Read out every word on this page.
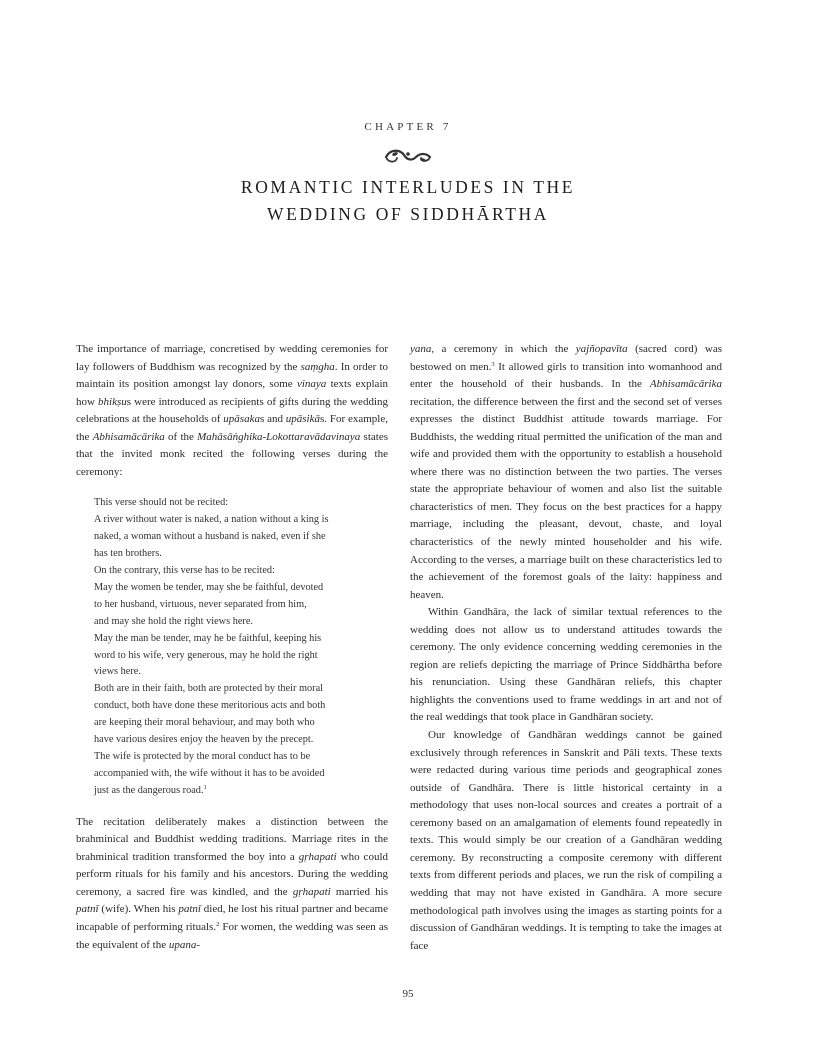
CHAPTER 7
ROMANTIC INTERLUDES IN THE
WEDDING OF SIDDHĀRTHA

The importance of marriage, concretised by wedding ceremonies for lay followers of Buddhism was recognized by the saṃgha. In order to maintain its position amongst lay donors, some vinaya texts explain how bhikṣus were introduced as recipients of gifts during the wedding celebrations at the households of upāsakas and upāsikās. For example, the Abhisamācārika of the Mahāsāṅghika-Lokottaravādavinaya states that the invited monk recited the following verses during the ceremony:

This verse should not be recited:
A river without water is naked, a nation without a king is
naked, a woman without a husband is naked, even if she
has ten brothers.
On the contrary, this verse has to be recited:
May the women be tender, may she be faithful, devoted
to her husband, virtuous, never separated from him,
and may she hold the right views here.
May the man be tender, may he be faithful, keeping his
word to his wife, very generous, may he hold the right
views here.
Both are in their faith, both are protected by their moral
conduct, both have done these meritorious acts and both
are keeping their moral behaviour, and may both who
have various desires enjoy the heaven by the precept.
The wife is protected by the moral conduct has to be
accompanied with, the wife without it has to be avoided
just as the dangerous road.$^1$

The recitation deliberately makes a distinction between the brahminical and Buddhist wedding traditions. Marriage rites in the brahminical tradition transformed the boy into a gṛhapati who could perform rituals for his family and his ancestors. During the wedding ceremony, a sacred fire was kindled, and the gṛhapati married his patnī (wife). When his patnī died, he lost his ritual partner and became incapable of performing rituals.$^2$ For women, the wedding was seen as the equivalent of the upana-

yana, a ceremony in which the yajñopavīta (sacred cord) was bestowed on men.$^3$ It allowed girls to transition into womanhood and enter the household of their husbands. In the Abhisamācārika recitation, the difference between the first and the second set of verses expresses the distinct Buddhist attitude towards marriage. For Buddhists, the wedding ritual permitted the unification of the man and wife and provided them with the opportunity to establish a household where there was no distinction between the two parties. The verses state the appropriate behaviour of women and also list the suitable characteristics of men. They focus on the best practices for a happy marriage, including the pleasant, devout, chaste, and loyal characteristics of the newly minted householder and his wife. According to the verses, a marriage built on these characteristics led to the achievement of the foremost goals of the laity: happiness and heaven.

Within Gandhāra, the lack of similar textual references to the wedding does not allow us to understand attitudes towards the ceremony. The only evidence concerning wedding ceremonies in the region are reliefs depicting the marriage of Prince Siddhārtha before his renunciation. Using these Gandhāran reliefs, this chapter highlights the conventions used to frame weddings in art and not of the real weddings that took place in Gandhāran society.

Our knowledge of Gandhāran weddings cannot be gained exclusively through references in Sanskrit and Pāli texts. These texts were redacted during various time periods and geographical zones outside of Gandhāra. There is little historical certainty in a methodology that uses non-local sources and creates a portrait of a ceremony based on an amalgamation of elements found repeatedly in texts. This would simply be our creation of a Gandhāran wedding ceremony. By reconstructing a composite ceremony with different texts from different periods and places, we run the risk of compiling a wedding that may not have existed in Gandhāra. A more secure methodological path involves using the images as starting points for a discussion of Gandhāran weddings. It is tempting to take the images at face

95
